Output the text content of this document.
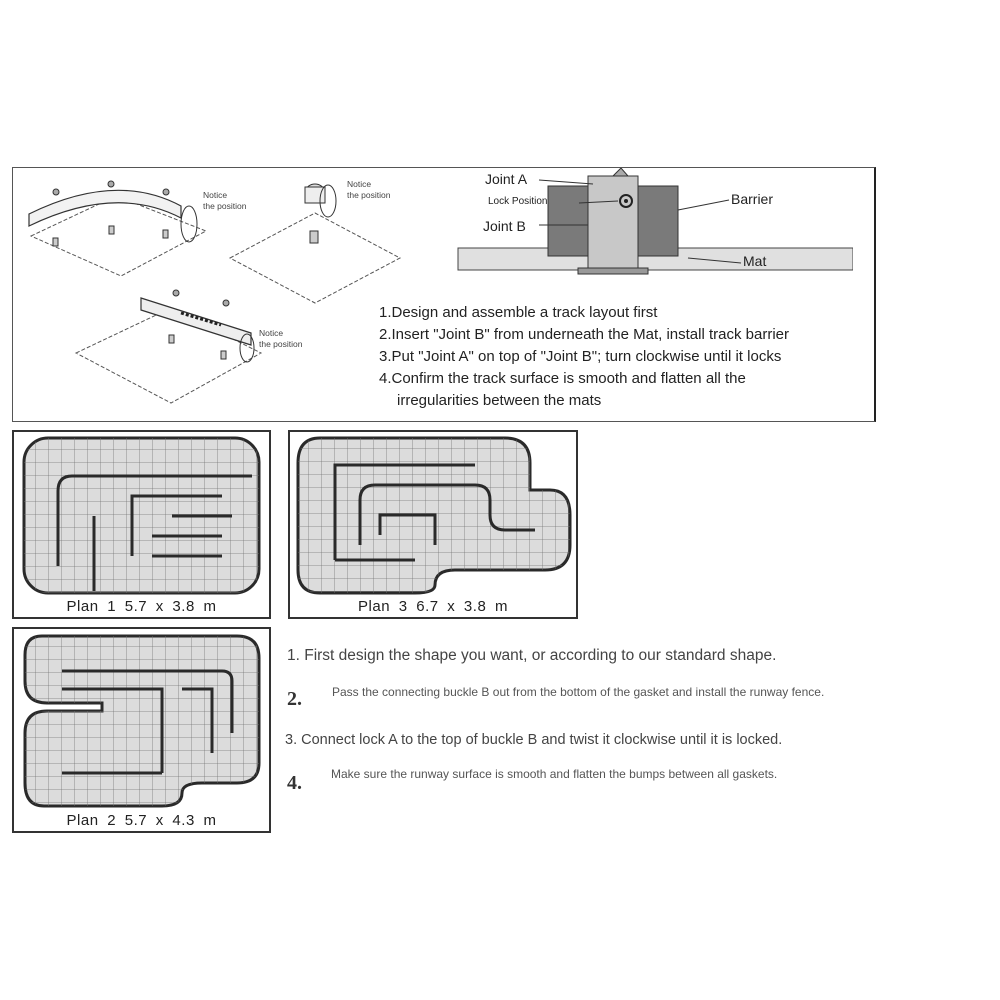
Notice
the position
Notice
the position
Notice
the position
Joint A
Lock Position
Joint B
Barrier
Mat
1.Design and assemble a track layout first
2.Insert "Joint B" from underneath the Mat, install track barrier
3.Put "Joint A" on top of "Joint B"; turn clockwise until it locks
4.Confirm the track surface is smooth and flatten all the
irregularities between the mats
Plan 1 5.7 x 3.8 m	Plan 3 6.7 x 3.8 m
Plan 2 5.7 x 4.3 m
1. First design the shape you want, or according to our standard shape.
2.	Pass the connecting buckle B out from the bottom of the gasket and install the runway fence.
3. Connect lock A to the top of buckle B and twist it clockwise until it is locked.
4. Make sure the runway surface is smooth and flatten the bumps between all gaskets.
